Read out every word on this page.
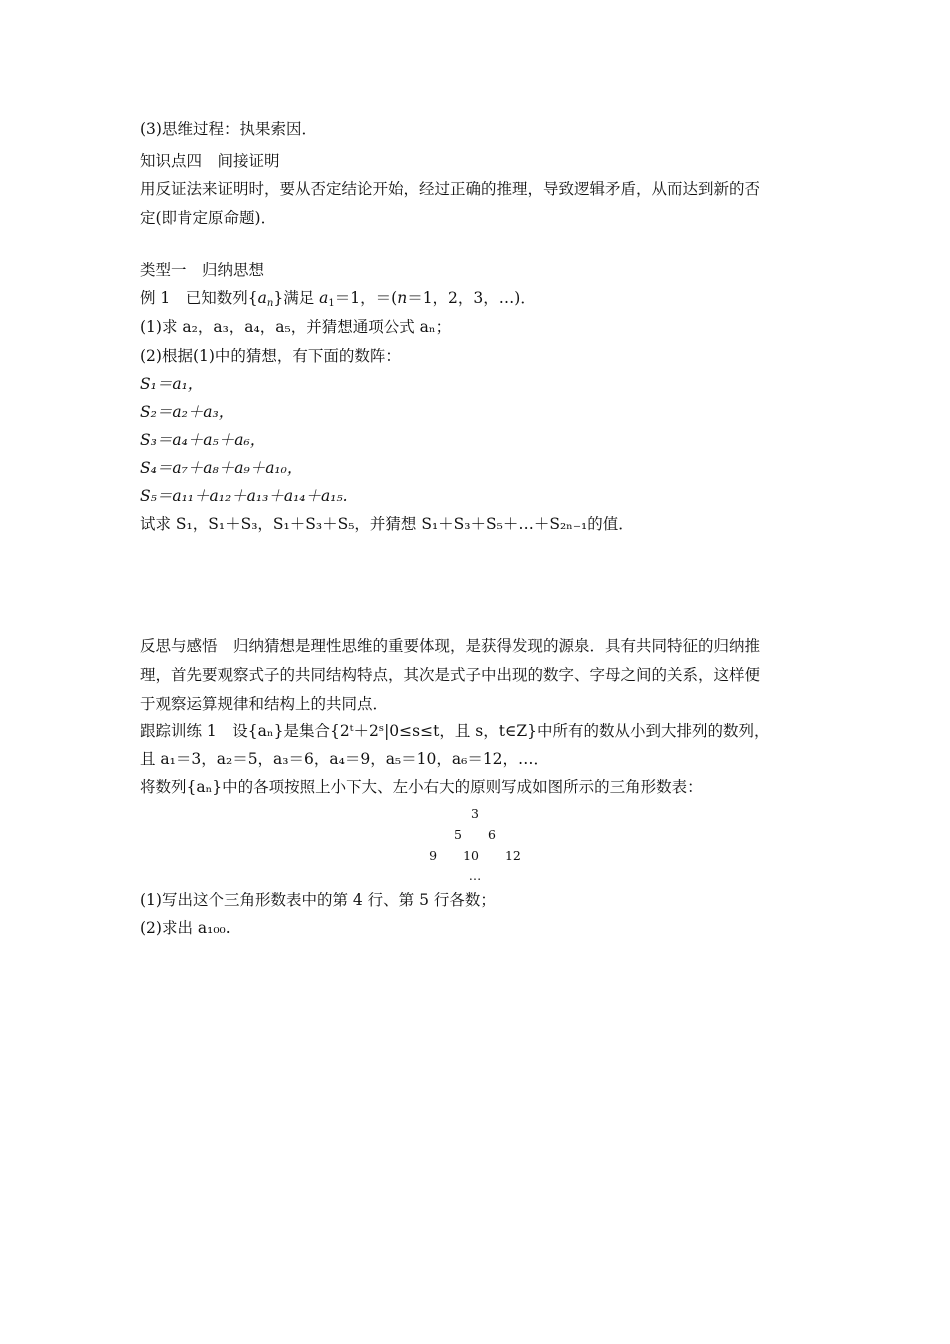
(3)思维过程：执果索因．
知识点四　间接证明
用反证法来证明时，要从否定结论开始，经过正确的推理，导致逻辑矛盾，从而达到新的否
定(即肯定原命题)．
类型一　归纳思想
例 1　已知数列$\{a_n\}$满足 $a_1=1$，＝(n＝1，2，3，…)．
(1)求 a₂，a₃，a₄，a₅，并猜想通项公式 aₙ；
(2)根据(1)中的猜想，有下面的数阵：
S₁＝a₁，
S₂＝a₂＋a₃，
S₃＝a₄＋a₅＋a₆，
S₄＝a₇＋a₈＋a₉＋a₁₀，
S₅＝a₁₁＋a₁₂＋a₁₃＋a₁₄＋a₁₅.
试求 S₁，S₁＋S₃，S₁＋S₃＋S₅，并猜想 S₁＋S₃＋S₅＋…＋S₂ₙ₋₁的值．
反思与感悟　归纳猜想是理性思维的重要体现，是获得发现的源泉．具有共同特征的归纳推
理，首先要观察式子的共同结构特点，其次是式子中出现的数字、字母之间的关系，这样便
于观察运算规律和结构上的共同点．
跟踪训练 1　设{aₙ}是集合{2ᵗ＋2ˢ|0≤s≤t，且 s，t∈Z}中所有的数从小到大排列的数列，
且 a₁＝3，a₂＝5，a₃＝6，a₄＝9，a₅＝10，a₆＝12，…．
将数列{aₙ}中的各项按照上小下大、左小右大的原则写成如图所示的三角形数表：
3
5 6
9 10 12
…
(1)写出这个三角形数表中的第 4 行、第 5 行各数；
(2)求出 a₁₀₀.
